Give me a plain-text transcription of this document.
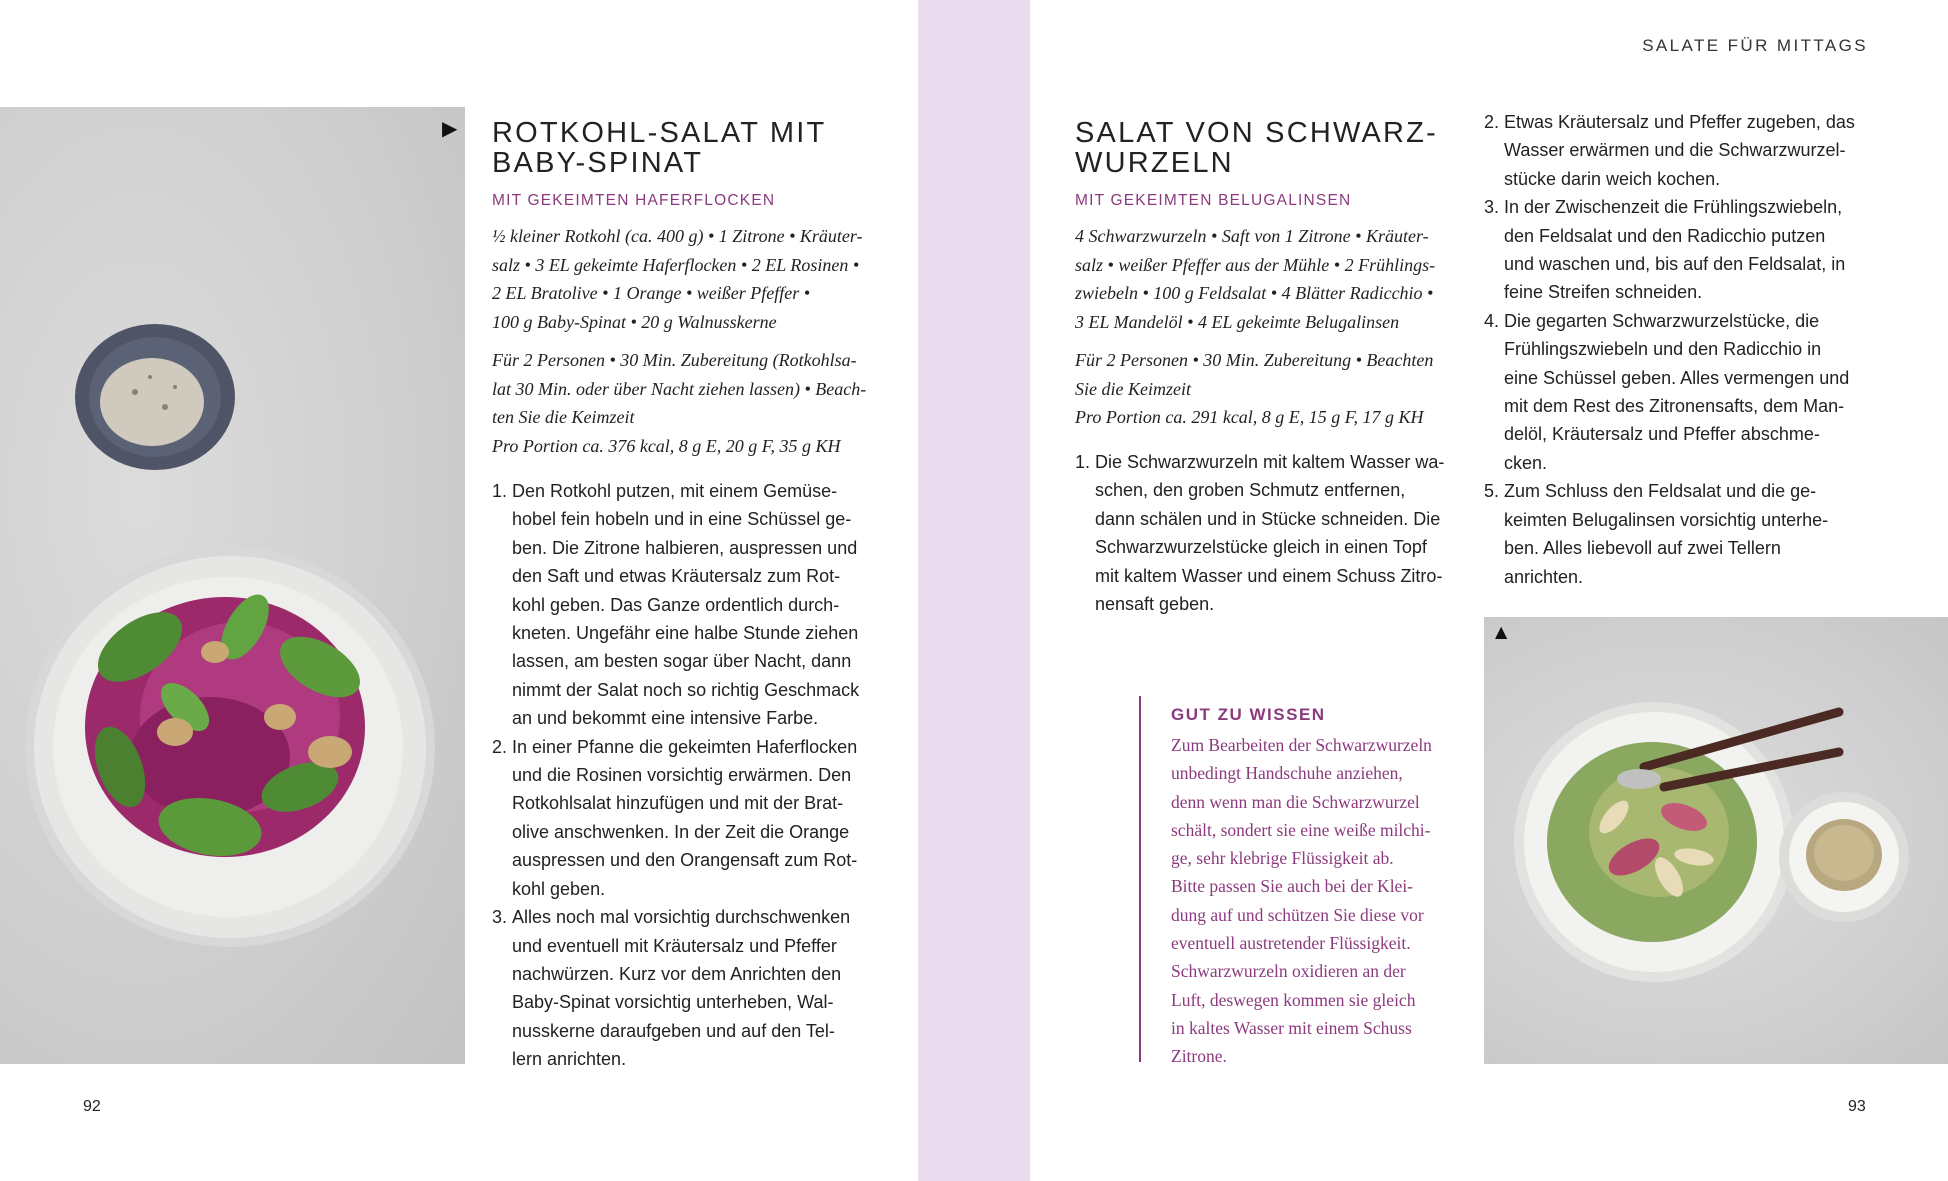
▶
▲
SALATE FÜR MITTAGS
ROTKOHL-SALAT MIT
BABY-SPINAT
MIT GEKEIMTEN HAFERFLOCKEN

½ kleiner Rotkohl (ca. 400 g) • 1 Zitrone • Kräuter-

salz • 3 EL gekeimte Haferflocken • 2 EL Rosinen •

2 EL Bratolive • 1 Orange • weißer Pfeffer •

100 g Baby-Spinat • 20 g Walnusskerne

Für 2 Personen • 30 Min. Zubereitung (Rotkohlsa-

lat 30 Min. oder über Nacht ziehen lassen) • Beach-

ten Sie die Keimzeit

Pro Portion ca. 376 kcal, 8 g E, 20 g F, 35 g KH

1. Den Rotkohl putzen, mit einem Gemüse-
hobel fein hobeln und in eine Schüssel ge-
ben. Die Zitrone halbieren, auspressen und
den Saft und etwas Kräutersalz zum Rot-
kohl geben. Das Ganze ordentlich durch-
kneten. Ungefähr eine halbe Stunde ziehen
lassen, am besten sogar über Nacht, dann
nimmt der Salat noch so richtig Geschmack
an und bekommt eine intensive Farbe.
2. In einer Pfanne die gekeimten Haferflocken
und die Rosinen vorsichtig erwärmen. Den
Rotkohlsalat hinzufügen und mit der Brat-
olive anschwenken. In der Zeit die Orange
auspressen und den Orangensaft zum Rot-
kohl geben.
3. Alles noch mal vorsichtig durchschwenken
und eventuell mit Kräutersalz und Pfeffer
nachwürzen. Kurz vor dem Anrichten den
Baby-Spinat vorsichtig unterheben, Wal-
nusskerne daraufgeben und auf den Tel-
lern anrichten.
SALAT VON SCHWARZ-
WURZELN
MIT GEKEIMTEN BELUGALINSEN

4 Schwarzwurzeln • Saft von 1 Zitrone • Kräuter-

salz • weißer Pfeffer aus der Mühle • 2 Frühlings-

zwiebeln • 100 g Feldsalat • 4 Blätter Radicchio •

3 EL Mandelöl • 4 EL gekeimte Belugalinsen

Für 2 Personen • 30 Min. Zubereitung • Beachten

Sie die Keimzeit

Pro Portion ca. 291 kcal, 8 g E, 15 g F, 17 g KH

1. Die Schwarzwurzeln mit kaltem Wasser wa-
schen, den groben Schmutz entfernen,
dann schälen und in Stücke schneiden. Die
Schwarzwurzelstücke gleich in einen Topf
mit kaltem Wasser und einem Schuss Zitro-
nensaft geben.
2. Etwas Kräutersalz und Pfeffer zugeben, das
Wasser erwärmen und die Schwarzwurzel-
stücke darin weich kochen.
3. In der Zwischenzeit die Frühlingszwiebeln,
den Feldsalat und den Radicchio putzen
und waschen und, bis auf den Feldsalat, in
feine Streifen schneiden.
4. Die gegarten Schwarzwurzelstücke, die
Frühlingszwiebeln und den Radicchio in
eine Schüssel geben. Alles vermengen und
mit dem Rest des Zitronensafts, dem Man-
delöl, Kräutersalz und Pfeffer abschme-
cken.
5. Zum Schluss den Feldsalat und die ge-
keimten Belugalinsen vorsichtig unterhe-
ben. Alles liebevoll auf zwei Tellern
anrichten.
GUT ZU WISSEN
Zum Bearbeiten der Schwarzwurzeln
unbedingt Handschuhe anziehen,
denn wenn man die Schwarzwurzel
schält, sondert sie eine weiße milchi-
ge, sehr klebrige Flüssigkeit ab.
Bitte passen Sie auch bei der Klei-
dung auf und schützen Sie diese vor
eventuell austretender Flüssigkeit.
Schwarzwurzeln oxidieren an der
Luft, deswegen kommen sie gleich
in kaltes Wasser mit einem Schuss
Zitrone.
92	93
